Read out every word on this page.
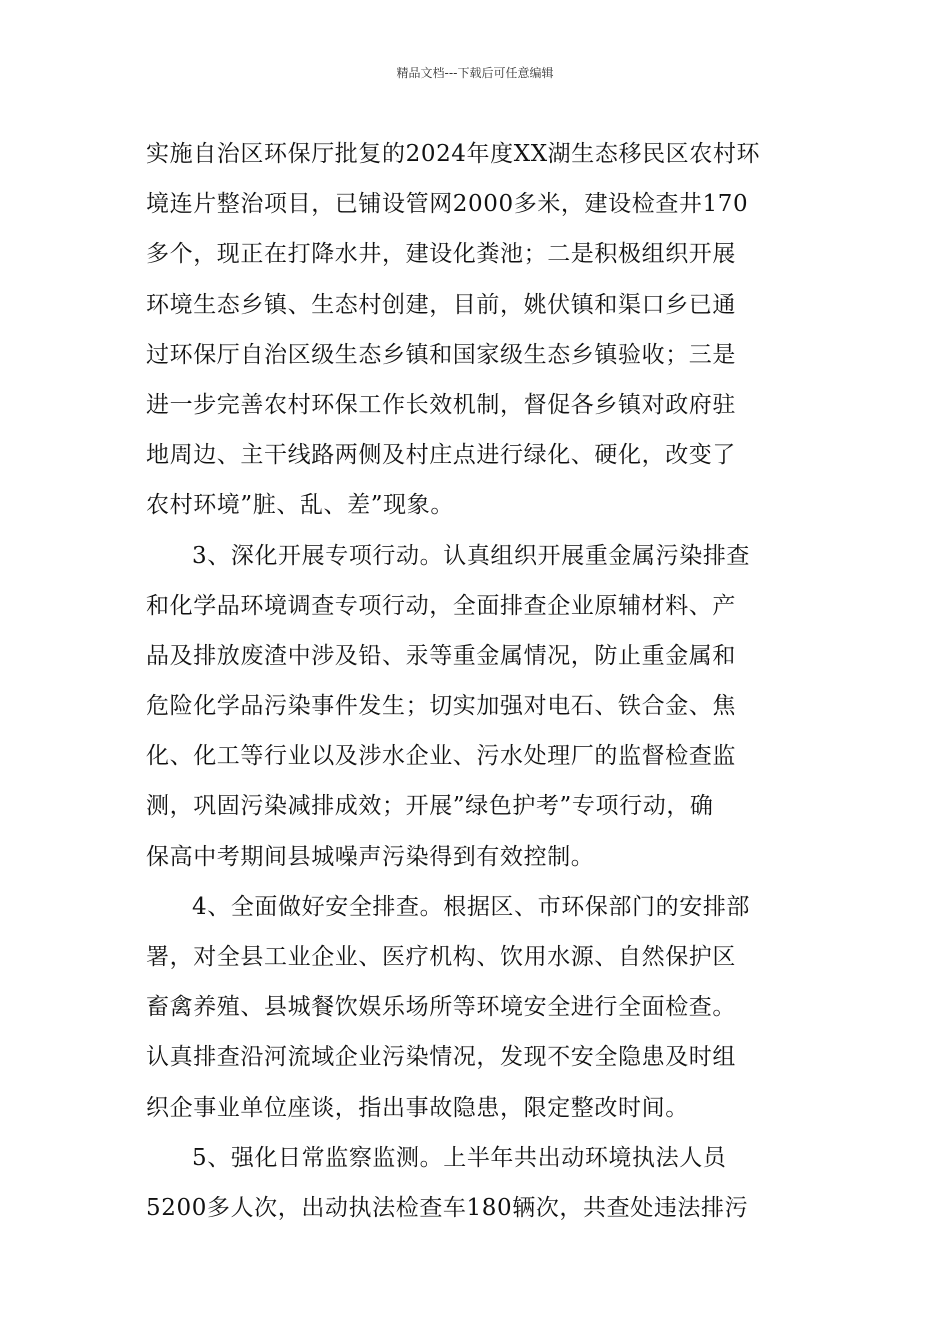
精品文档---下载后可任意编辑
实施自治区环保厅批复的2024年度XX湖生态移民区农村环
境连片整治项目，已铺设管网2000多米，建设检查井170
多个，现正在打降水井，建设化粪池；二是积极组织开展
环境生态乡镇、生态村创建，目前，姚伏镇和渠口乡已通
过环保厅自治区级生态乡镇和国家级生态乡镇验收；三是
进一步完善农村环保工作长效机制，督促各乡镇对政府驻
地周边、主干线路两侧及村庄点进行绿化、硬化，改变了
农村环境”脏、乱、差”现象。
3、深化开展专项行动。认真组织开展重金属污染排查
和化学品环境调查专项行动，全面排查企业原辅材料、产
品及排放废渣中涉及铅、汞等重金属情况，防止重金属和
危险化学品污染事件发生；切实加强对电石、铁合金、焦
化、化工等行业以及涉水企业、污水处理厂的监督检查监
测，巩固污染减排成效；开展”绿色护考”专项行动，确
保高中考期间县城噪声污染得到有效控制。
4、全面做好安全排查。根据区、市环保部门的安排部
署，对全县工业企业、医疗机构、饮用水源、自然保护区
畜禽养殖、县城餐饮娱乐场所等环境安全进行全面检查。
认真排查沿河流域企业污染情况，发现不安全隐患及时组
织企事业单位座谈，指出事故隐患，限定整改时间。
5、强化日常监察监测。上半年共出动环境执法人员
5200多人次，出动执法检查车180辆次，共查处违法排污
